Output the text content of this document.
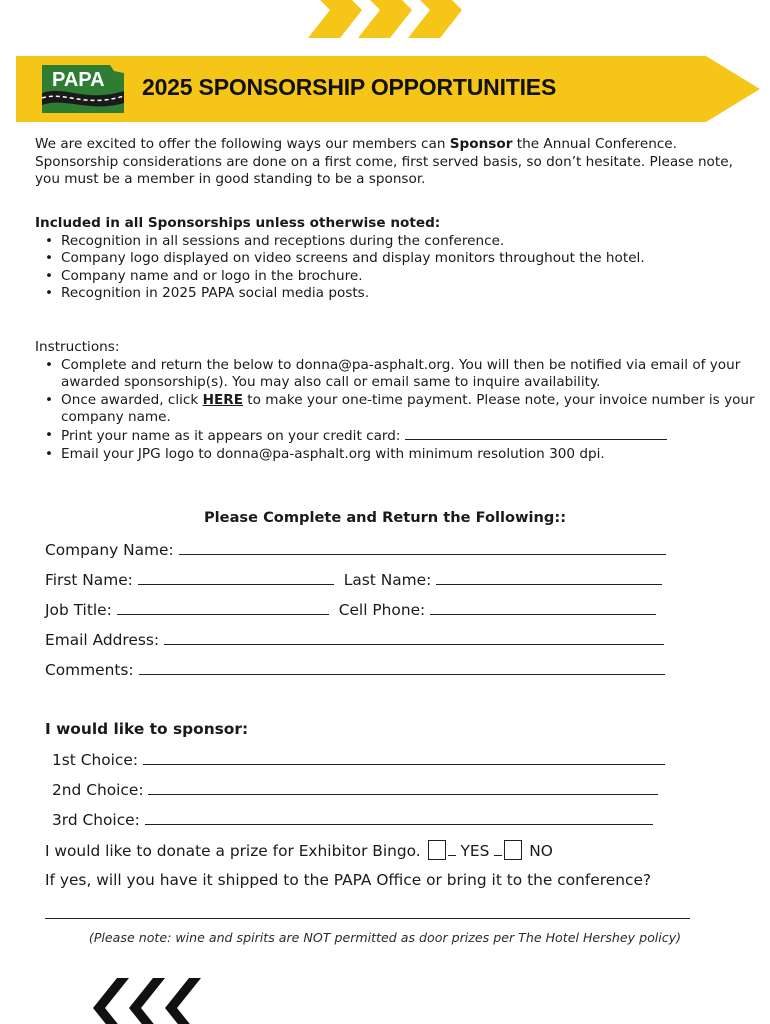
PAPA 2025 SPONSORSHIP OPPORTUNITIES
We are excited to offer the following ways our members can Sponsor the Annual Conference. Sponsorship considerations are done on a first come, first served basis, so don’t hesitate. Please note, you must be a member in good standing to be a sponsor.
Included in all Sponsorships unless otherwise noted:
• Recognition in all sessions and receptions during the conference.
• Company logo displayed on video screens and display monitors throughout the hotel.
• Company name and or logo in the brochure.
• Recognition in 2025 PAPA social media posts.
Instructions:
• Complete and return the below to donna@pa-asphalt.org. You will then be notified via email of your awarded sponsorship(s). You may also call or email same to inquire availability.
• Once awarded, click HERE to make your one-time payment. Please note, your invoice number is your company name.
• Print your name as it appears on your credit card:
• Email your JPG logo to donna@pa-asphalt.org with minimum resolution 300 dpi.
Please Complete and Return the Following::
Company Name:
First Name:	Last Name:
Job Title:	Cell Phone:
Email Address:
Comments:
I would like to sponsor:
1st Choice:
2nd Choice:
3rd Choice:
I would like to donate a prize for Exhibitor Bingo.	YES	NO
If yes, will you have it shipped to the PAPA Office or bring it to the conference?
(Please note: wine and spirits are NOT permitted as door prizes per The Hotel Hershey policy)
